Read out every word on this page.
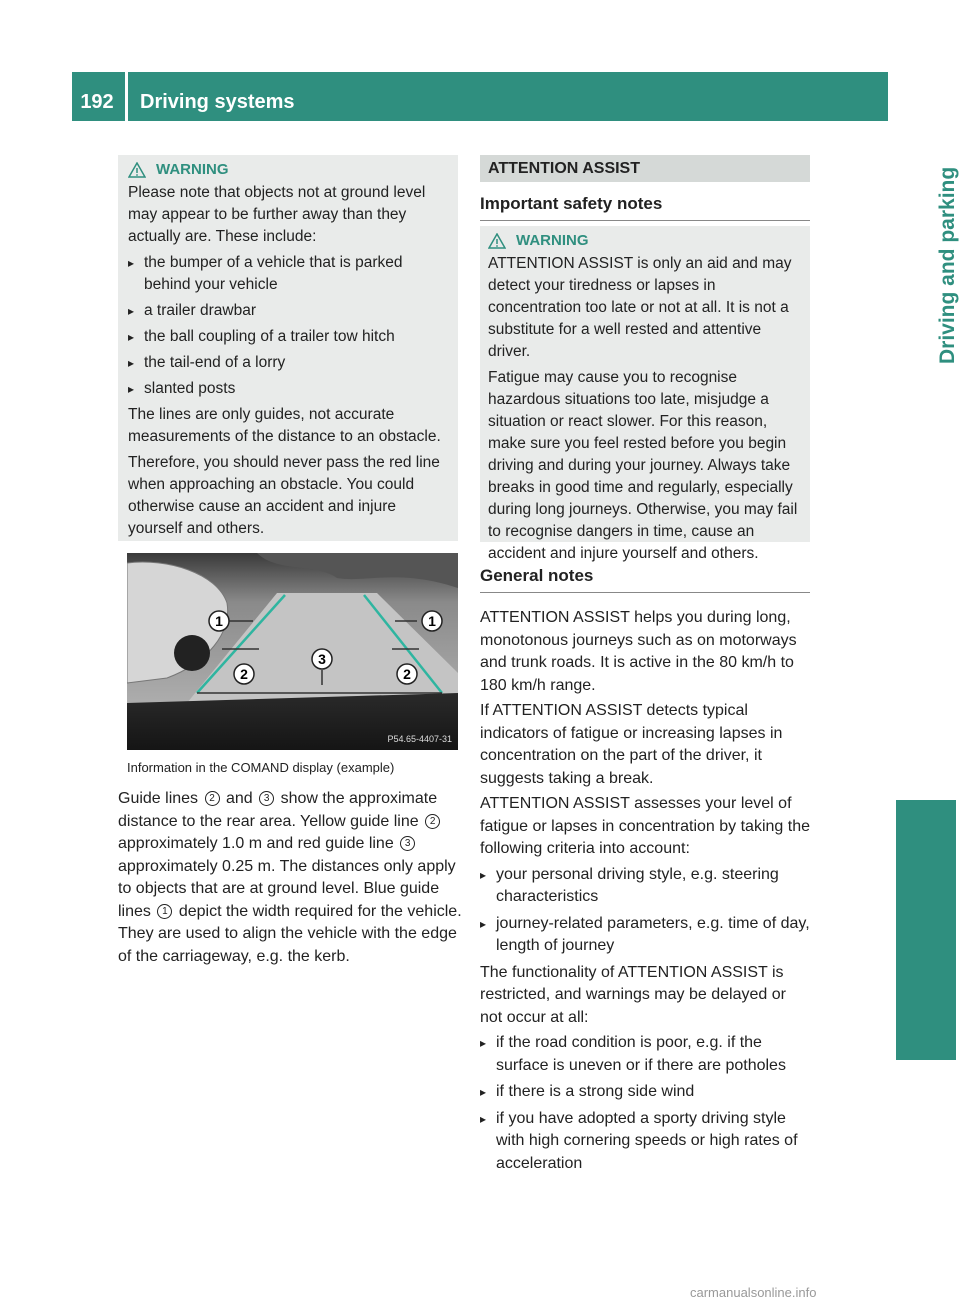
192	Driving systems
Driving and parking
WARNING

Please note that objects not at ground level may appear to be further away than they actually are. These include:

▸ the bumper of a vehicle that is parked behind your vehicle
▸ a trailer drawbar
▸ the ball coupling of a trailer tow hitch
▸ the tail-end of a lorry
▸ slanted posts

The lines are only guides, not accurate measurements of the distance to an obstacle.

Therefore, you should never pass the red line when approaching an obstacle. You could otherwise cause an accident and injure yourself and others.

1	1
2
3
2
P54.65-4407-31
Information in the COMAND display (example)

Guide lines 2 and 3 show the approximate distance to the rear area. Yellow guide line 2 approximately 1.0 m and red guide line 3 approximately 0.25 m. The distances only apply to objects that are at ground level. Blue guide lines 1 depict the width required for the vehicle. They are used to align the vehicle with the edge of the carriageway, e.g. the kerb.

ATTENTION ASSIST
Important safety notes
WARNING

ATTENTION ASSIST is only an aid and may detect your tiredness or lapses in concentration too late or not at all. It is not a substitute for a well rested and attentive driver.

Fatigue may cause you to recognise hazardous situations too late, misjudge a situation or react slower. For this reason, make sure you feel rested before you begin driving and during your journey. Always take breaks in good time and regularly, especially during long journeys. Otherwise, you may fail to recognise dangers in time, cause an accident and injure yourself and others.

General notes

ATTENTION ASSIST helps you during long, monotonous journeys such as on motorways and trunk roads. It is active in the 80 km/h to 180 km/h range.

If ATTENTION ASSIST detects typical indicators of fatigue or increasing lapses in concentration on the part of the driver, it suggests taking a break.

ATTENTION ASSIST assesses your level of fatigue or lapses in concentration by taking the following criteria into account:

▸ your personal driving style, e.g. steering characteristics
▸ journey-related parameters, e.g. time of day, length of journey

The functionality of ATTENTION ASSIST is restricted, and warnings may be delayed or not occur at all:

▸ if the road condition is poor, e.g. if the surface is uneven or if there are potholes
▸ if there is a strong side wind
▸ if you have adopted a sporty driving style with high cornering speeds or high rates of acceleration
carmanualsonline.info
